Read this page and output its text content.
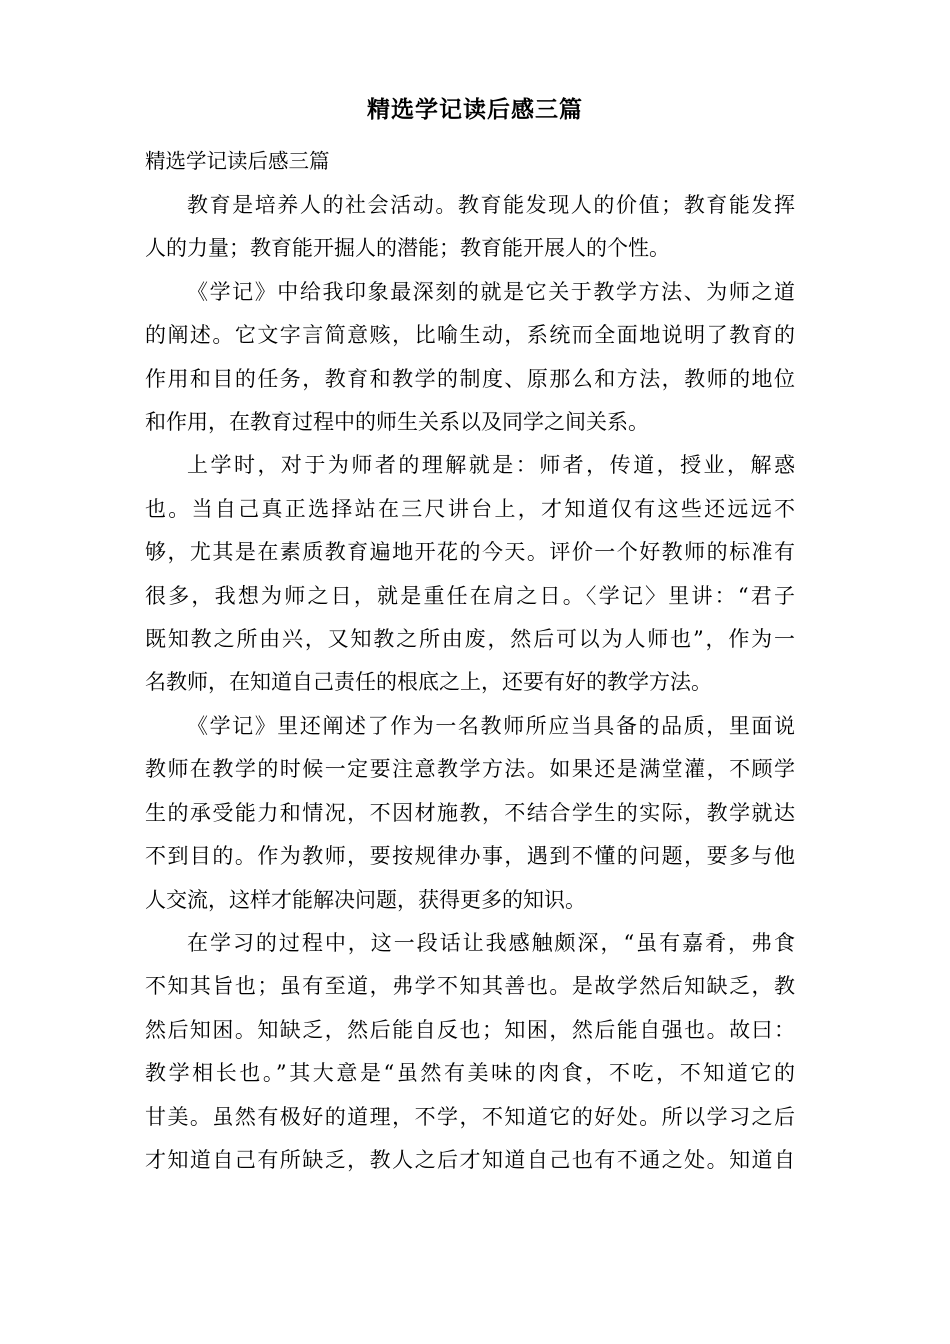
精选学记读后感三篇
精选学记读后感三篇

教育是培养人的社会活动。教育能发现人的价值；教育能发挥
人的力量；教育能开掘人的潜能；教育能开展人的个性。

《学记》中给我印象最深刻的就是它关于教学方法、为师之道
的阐述。它文字言简意赅，比喻生动，系统而全面地说明了教育的
作用和目的任务，教育和教学的制度、原那么和方法，教师的地位
和作用，在教育过程中的师生关系以及同学之间关系。

上学时，对于为师者的理解就是：师者，传道，授业，解惑
也。当自己真正选择站在三尺讲台上，才知道仅有这些还远远不
够，尤其是在素质教育遍地开花的今天。评价一个好教师的标准有
很多，我想为师之日，就是重任在肩之日。〈学记〉里讲：“君子
既知教之所由兴，又知教之所由废，然后可以为人师也”，作为一
名教师，在知道自己责任的根底之上，还要有好的教学方法。

《学记》里还阐述了作为一名教师所应当具备的品质，里面说
教师在教学的时候一定要注意教学方法。如果还是满堂灌，不顾学
生的承受能力和情况，不因材施教，不结合学生的实际，教学就达
不到目的。作为教师，要按规律办事，遇到不懂的问题，要多与他
人交流，这样才能解决问题，获得更多的知识。

在学习的过程中，这一段话让我感触颇深，“虽有嘉肴，弗食
不知其旨也；虽有至道，弗学不知其善也。是故学然后知缺乏，教
然后知困。知缺乏，然后能自反也；知困，然后能自强也。故曰：
教学相长也。”其大意是“虽然有美味的肉食，不吃，不知道它的
甘美。虽然有极好的道理，不学，不知道它的好处。所以学习之后
才知道自己有所缺乏，教人之后才知道自己也有不通之处。知道自
